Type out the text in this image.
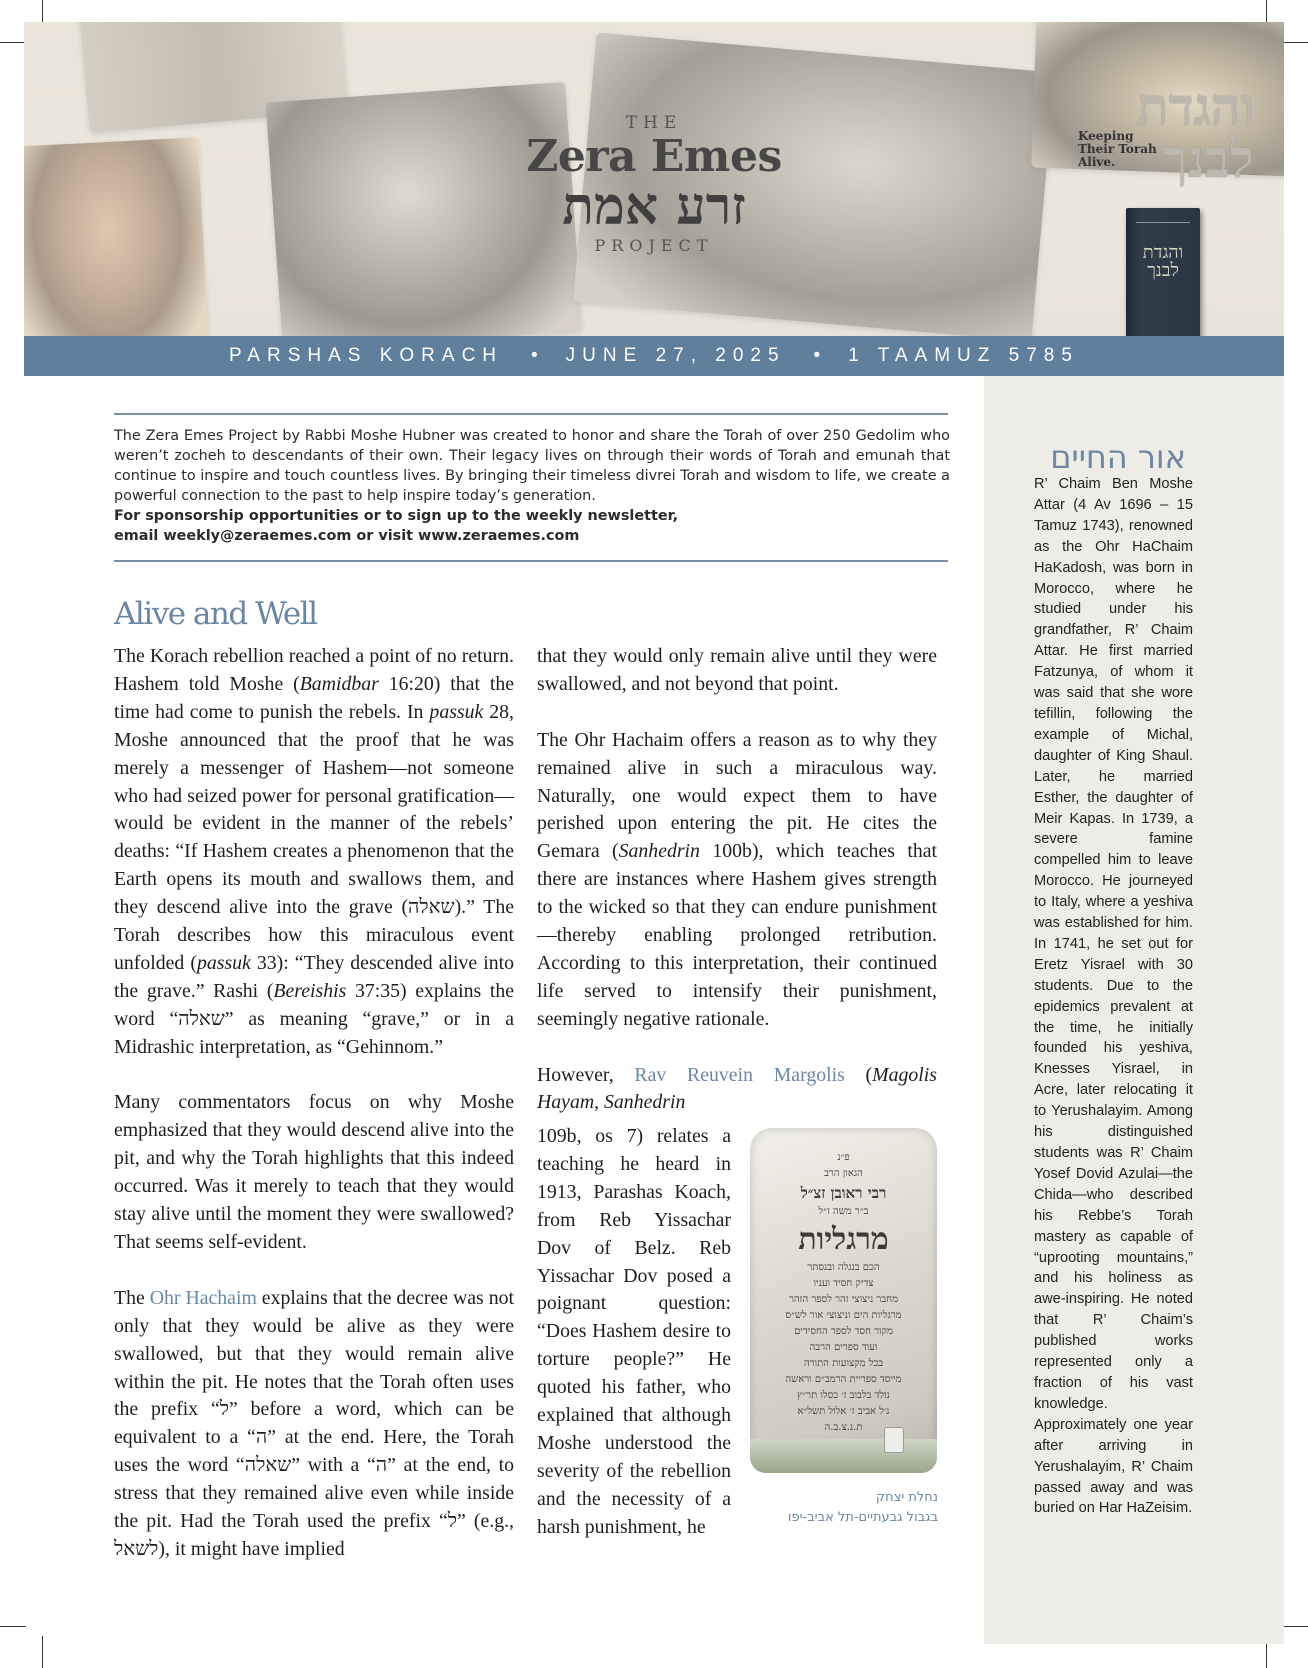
THE
Zera Emes
זרע אמת
PROJECT
והגדת לבנך
Keeping Their Torah Alive.
והגדת לבנך
PARSHAS KORACH • JUNE 27, 2025 • 1 TAAMUZ 5785
אור החיים
R’ Chaim Ben Moshe Attar (4 Av 1696 – 15 Tamuz 1743), renowned as the Ohr HaChaim HaKadosh, was born in Morocco, where he studied under his grandfather, R’ Chaim Attar. He first married Fatzunya, of whom it was said that she wore tefillin, following the example of Michal, daughter of King Shaul. Later, he married Esther, the daughter of Meir Kapas. In 1739, a severe famine compelled him to leave Morocco. He journeyed to Italy, where a yeshiva was established for him. In 1741, he set out for Eretz Yisrael with 30 students. Due to the epidemics prevalent at the time, he initially founded his yeshiva, Knesses Yisrael, in Acre, later relocating it to Yerushalayim. Among his distinguished students was R’ Chaim Yosef Dovid Azulai—the Chida—who described his Rebbe’s Torah mastery as capable of “uprooting mountains,” and his holiness as awe-inspiring. He noted that R’ Chaim’s published works represented only a fraction of his vast knowledge. Approximately one year after arriving in Yerushalayim, R’ Chaim passed away and was buried on Har HaZeisim.
The Zera Emes Project by Rabbi Moshe Hubner was created to honor and share the Torah of over 250 Gedolim who weren’t zocheh to descendants of their own. Their legacy lives on through their words of Torah and emunah that continue to inspire and touch countless lives. By bringing their timeless divrei Torah and wisdom to life, we create a powerful connection to the past to help inspire today’s generation.
For sponsorship opportunities or to sign up to the weekly newsletter,
email weekly@zeraemes.com or visit www.zeraemes.com
Alive and Well

The Korach rebellion reached a point of no return. Hashem told Moshe (Bamidbar 16:20) that the time had come to punish the rebels. In passuk 28, Moshe announced that the proof that he was merely a messenger of Hashem—not someone who had seized power for personal gratification—would be evident in the manner of the rebels’ deaths: “If Hashem creates a phenomenon that the Earth opens its mouth and swallows them, and they descend alive into the grave (שאלה).” The Torah describes how this miraculous event unfolded (passuk 33): “They descended alive into the grave.” Rashi (Bereishis 37:35) explains the word “שאלה” as meaning “grave,” or in a Midrashic interpretation, as “Gehinnom.”

Many commentators focus on why Moshe emphasized that they would descend alive into the pit, and why the Torah highlights that this indeed occurred. Was it merely to teach that they would stay alive until the moment they were swallowed? That seems self-evident.

The Ohr Hachaim explains that the decree was not only that they would be alive as they were swallowed, but that they would remain alive within the pit. He notes that the Torah often uses the prefix “ל” before a word, which can be equivalent to a “ה” at the end. Here, the Torah uses the word “שאלה” with a “ה” at the end, to stress that they remained alive even while inside the pit. Had the Torah used the prefix “ל” (e.g., לשאל), it might have implied

that they would only remain alive until they were swallowed, and not beyond that point.

The Ohr Hachaim offers a reason as to why they remained alive in such a miraculous way. Naturally, one would expect them to have perished upon entering the pit. He cites the Gemara (Sanhedrin 100b), which teaches that there are instances where Hashem gives strength to the wicked so that they can endure punishment—thereby enabling prolonged retribution. According to this interpretation, their continued life served to intensify their punishment, seemingly negative rationale.

However, Rav Reuvein Margolis (Magolis Hayam, Sanhedrin

109b, os 7) relates a teaching he heard in 1913, Parashas Koach, from Reb Yissachar Dov of Belz. Reb Yissachar Dov posed a poignant question: “Does Hashem desire to torture people?” He quoted his father, who explained that although Moshe understood the severity of the rebellion and the necessity of a harsh punishment, he
פ״נ
הגאון הרב
רבי ראובן זצ״ל
ב״ר משה ז״ל
מרגליות
הכם בנגלה ובנסתר
צדיק חסיד ועניו
מחבר ניצוצי זהר לספר הזהר
מרגליות הים וניצוצי אור לש״ס
מקור חסד לספר החסידים
ועוד ספרים הרבה
בכל מקצועות התורה
מייסד ספריית הרמב״ם וראשה
נולד בלבוב ז׳ כסלו תר״ץ
נ׳ל אביב ז׳ אלול תשל״א
ת.נ.צ.ב.ה
נחלת יצחק
בגבול גבעתיים-תל אביב-יפו
